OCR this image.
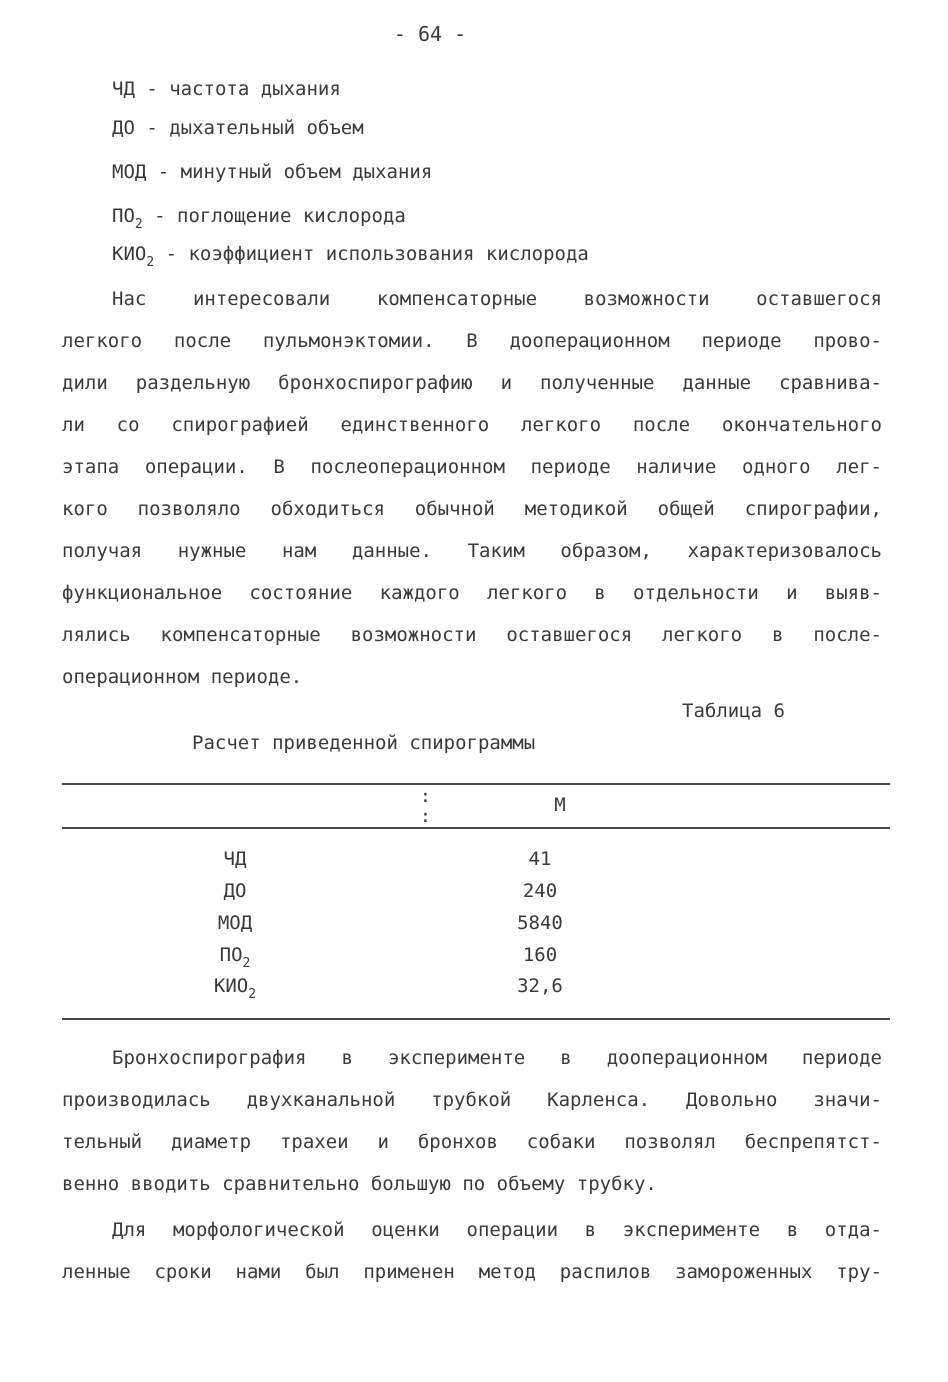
- 64 -
ЧД - частота дыхания
ДО - дыхательный объем
МОД - минутный объем дыхания
$ПО_2$ - поглощение кислорода
$КИО_2$ - коэффициент использования кислорода
Нас интересовали компенсаторные возможности оставшегося
легкого после пульмонэктомии. В дооперационном периоде прово-
дили раздельную бронхоспирографию и полученные данные сравнива-
ли со спирографией единственного легкого после окончательного
этапа операции. В послеоперационном периоде наличие одного лег-
кого позволяло обходиться обычной методикой общей спирографии,
получая нужные нам данные. Таким образом, характеризовалось
функциональное состояние каждого легкого в отдельности и выяв-
лялись компенсаторные возможности оставшегося легкого в после-
операционном периоде.
Таблица 6
Расчет приведенной спирограммы
:	М
:
ЧД	41
ДО	240
МОД	5840
$ПО_2$	160
$КИО_2$	32,6
Бронхоспирография в эксперименте в дооперационном периоде
производилась двухканальной трубкой Карленса. Довольно значи-
тельный диаметр трахеи и бронхов собаки позволял беспрепятст-
венно вводить сравнительно большую по объему трубку.
Для морфологической оценки операции в эксперименте в отда-
ленные сроки нами был применен метод распилов замороженных тру-
